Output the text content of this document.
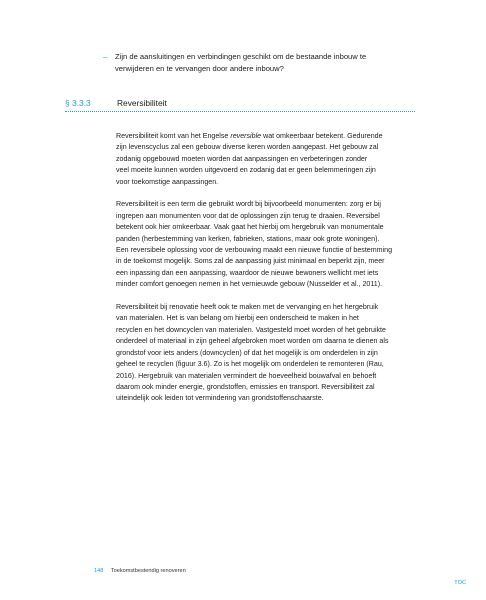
–	Zijn de aansluitingen en verbindingen geschikt om de bestaande inbouw te verwijderen en te vervangen door andere inbouw?
§ 3.3.3	Reversibiliteit

Reversibiliteit komt van het Engelse reversible wat omkeerbaar betekent. Gedurende
zijn levenscyclus zal een gebouw diverse keren worden aangepast. Het gebouw zal
zodanig opgebouwd moeten worden dat aanpassingen en verbeteringen zonder
veel moeite kunnen worden uitgevoerd en zodanig dat er geen belemmeringen zijn
voor toekomstige aanpassingen.

Reversibiliteit is een term die gebruikt wordt bij bijvoorbeeld monumenten: zorg er bij
ingrepen aan monumenten voor dat de oplossingen zijn terug te draaien. Reversibel
betekent ook hier omkeerbaar. Vaak gaat het hierbij om hergebruik van monumentale
panden (herbestemming van kerken, fabrieken, stations, maar ook grote woningen).
Een reversibele oplossing voor de verbouwing maakt een nieuwe functie of bestemming
in de toekomst mogelijk. Soms zal de aanpassing juist minimaal en beperkt zijn, meer
een inpassing dan een aanpassing, waardoor de nieuwe bewoners wellicht met iets
minder comfort genoegen nemen in het vernieuwde gebouw (Nusselder et al., 2011).

Reversibiliteit bij renovatie heeft ook te maken met de vervanging en het hergebruik
van materialen. Het is van belang om hierbij een onderscheid te maken in het
recyclen en het downcyclen van materialen. Vastgesteld moet worden of het gebruikte
onderdeel of materiaal in zijn geheel afgebroken moet worden om daarna te dienen als
grondstof voor iets anders (downcyclen) of dat het mogelijk is om onderdelen in zijn
geheel te recyclen (figuur 3.6). Zo is het mogelijk om onderdelen te remonteren (Rau,
2016). Hergebruik van materialen vermindert de hoeveelheid bouwafval en behoeft
daarom ook minder energie, grondstoffen, emissies en transport. Reversibiliteit zal
uiteindelijk ook leiden tot vermindering van grondstoffenschaarste.

148 Toekomstbestendig renoveren
TOC
